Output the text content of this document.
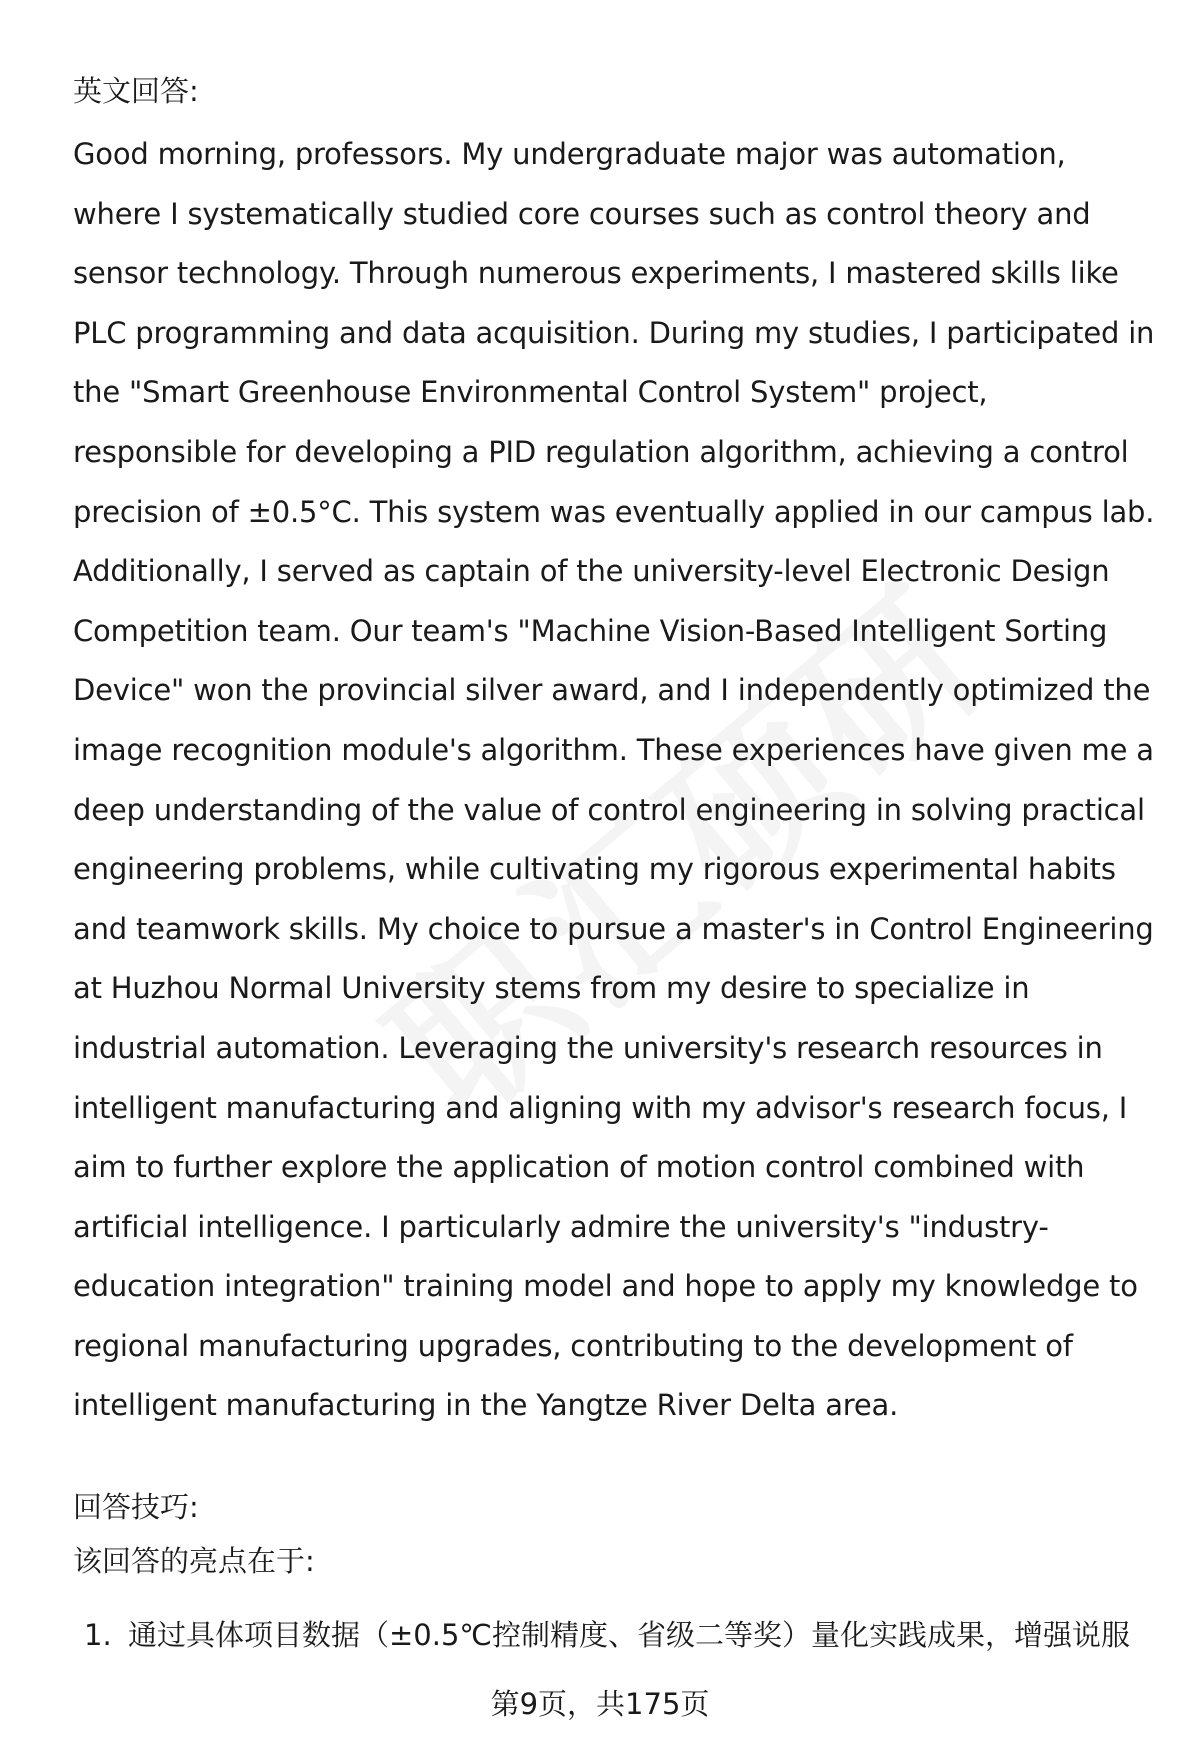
英文回答:

Good morning, professors. My undergraduate major was automation, where I systematically studied core courses such as control theory and sensor technology. Through numerous experiments, I mastered skills like PLC programming and data acquisition. During my studies, I participated in the "Smart Greenhouse Environmental Control System" project, responsible for developing a PID regulation algorithm, achieving a control precision of ±0.5°C. This system was eventually applied in our campus lab. Additionally, I served as captain of the university-level Electronic Design Competition team. Our team's "Machine Vision-Based Intelligent Sorting Device" won the provincial silver award, and I independently optimized the image recognition module's algorithm. These experiences have given me a deep understanding of the value of control engineering in solving practical engineering problems, while cultivating my rigorous experimental habits and teamwork skills. My choice to pursue a master's in Control Engineering at Huzhou Normal University stems from my desire to specialize in industrial automation. Leveraging the university's research resources in intelligent manufacturing and aligning with my advisor's research focus, I aim to further explore the application of motion control combined with artificial intelligence. I particularly admire the university's "industry-education integration" training model and hope to apply my knowledge to regional manufacturing upgrades, contributing to the development of intelligent manufacturing in the Yangtze River Delta area.

回答技巧:
该回答的亮点在于:
1. 通过具体项目数据（±0.5℃控制精度、省级二等奖）量化实践成果，增强说服
第9页，共175页
